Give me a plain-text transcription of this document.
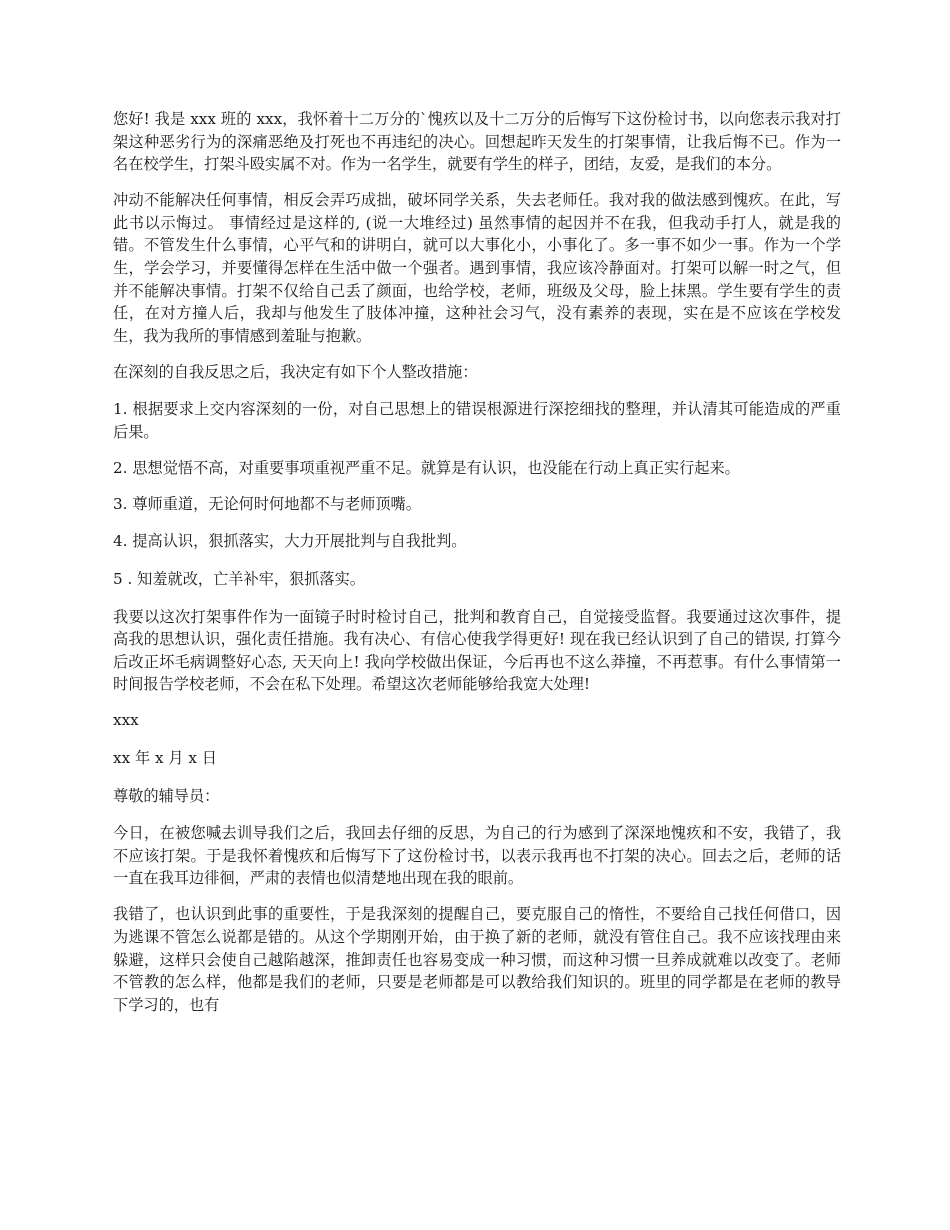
您好! 我是 xxx 班的 xxx，我怀着十二万分的`愧疚以及十二万分的后悔写下这份检讨书，以向您表示我对打架这种恶劣行为的深痛恶绝及打死也不再违纪的决心。回想起昨天发生的打架事情，让我后悔不已。作为一名在校学生，打架斗殴实属不对。作为一名学生，就要有学生的样子，团结，友爱，是我们的本分。

冲动不能解决任何事情，相反会弄巧成拙，破坏同学关系，失去老师任。我对我的做法感到愧疚。在此，写此书以示悔过。 事情经过是这样的, (说一大堆经过) 虽然事情的起因并不在我，但我动手打人，就是我的错。不管发生什么事情，心平气和的讲明白，就可以大事化小，小事化了。多一事不如少一事。作为一个学生，学会学习，并要懂得怎样在生活中做一个强者。遇到事情，我应该冷静面对。打架可以解一时之气，但并不能解决事情。打架不仅给自己丢了颜面，也给学校，老师，班级及父母，脸上抹黑。学生要有学生的责任，在对方撞人后，我却与他发生了肢体冲撞，这种社会习气，没有素养的表现，实在是不应该在学校发生，我为我所的事情感到羞耻与抱歉。

在深刻的自我反思之后，我决定有如下个人整改措施：

1. 根据要求上交内容深刻的一份，对自己思想上的错误根源进行深挖细找的整理，并认清其可能造成的严重后果。

2. 思想觉悟不高，对重要事项重视严重不足。就算是有认识，也没能在行动上真正实行起来。

3. 尊师重道，无论何时何地都不与老师顶嘴。

4. 提高认识，狠抓落实，大力开展批判与自我批判。

5 . 知羞就改，亡羊补牢，狠抓落实。

我要以这次打架事件作为一面镜子时时检讨自己，批判和教育自己，自觉接受监督。我要通过这次事件，提高我的思想认识，强化责任措施。我有决心、有信心使我学得更好! 现在我已经认识到了自己的错误, 打算今后改正坏毛病调整好心态, 天天向上! 我向学校做出保证，今后再也不这么莽撞，不再惹事。有什么事情第一时间报告学校老师，不会在私下处理。希望这次老师能够给我宽大处理!

xxx

xx 年 x 月 x 日

尊敬的辅导员：

今日，在被您喊去训导我们之后，我回去仔细的反思，为自己的行为感到了深深地愧疚和不安，我错了，我不应该打架。于是我怀着愧疚和后悔写下了这份检讨书，以表示我再也不打架的决心。回去之后，老师的话一直在我耳边徘徊，严肃的表情也似清楚地出现在我的眼前。

我错了，也认识到此事的重要性，于是我深刻的提醒自己，要克服自己的惰性，不要给自己找任何借口，因为逃课不管怎么说都是错的。从这个学期刚开始，由于换了新的老师，就没有管住自己。我不应该找理由来躲避，这样只会使自己越陷越深，推卸责任也容易变成一种习惯，而这种习惯一旦养成就难以改变了。老师不管教的怎么样，他都是我们的老师，只要是老师都是可以教给我们知识的。班里的同学都是在老师的教导下学习的，也有
